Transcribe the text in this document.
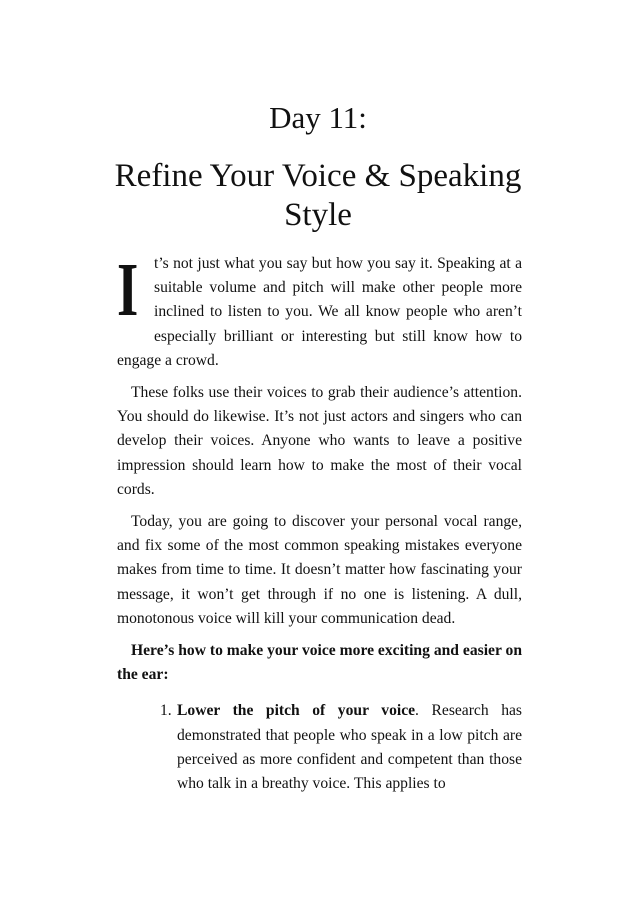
Day 11:
Refine Your Voice & Speaking Style

I t’s not just what you say but how you say it. Speaking at a suitable volume and pitch will make other people more inclined to listen to you. We all know people who aren’t especially brilliant or interesting but still know how to engage a crowd.

These folks use their voices to grab their audience’s attention. You should do likewise. It’s not just actors and singers who can develop their voices. Anyone who wants to leave a positive impression should learn how to make the most of their vocal cords.

Today, you are going to discover your personal vocal range, and fix some of the most common speaking mistakes everyone makes from time to time. It doesn’t matter how fascinating your message, it won’t get through if no one is listening. A dull, monotonous voice will kill your communication dead.

Here’s how to make your voice more exciting and easier on the ear:

1. Lower the pitch of your voice. Research has demonstrated that people who speak in a low pitch are perceived as more confident and competent than those who talk in a breathy voice. This applies to
